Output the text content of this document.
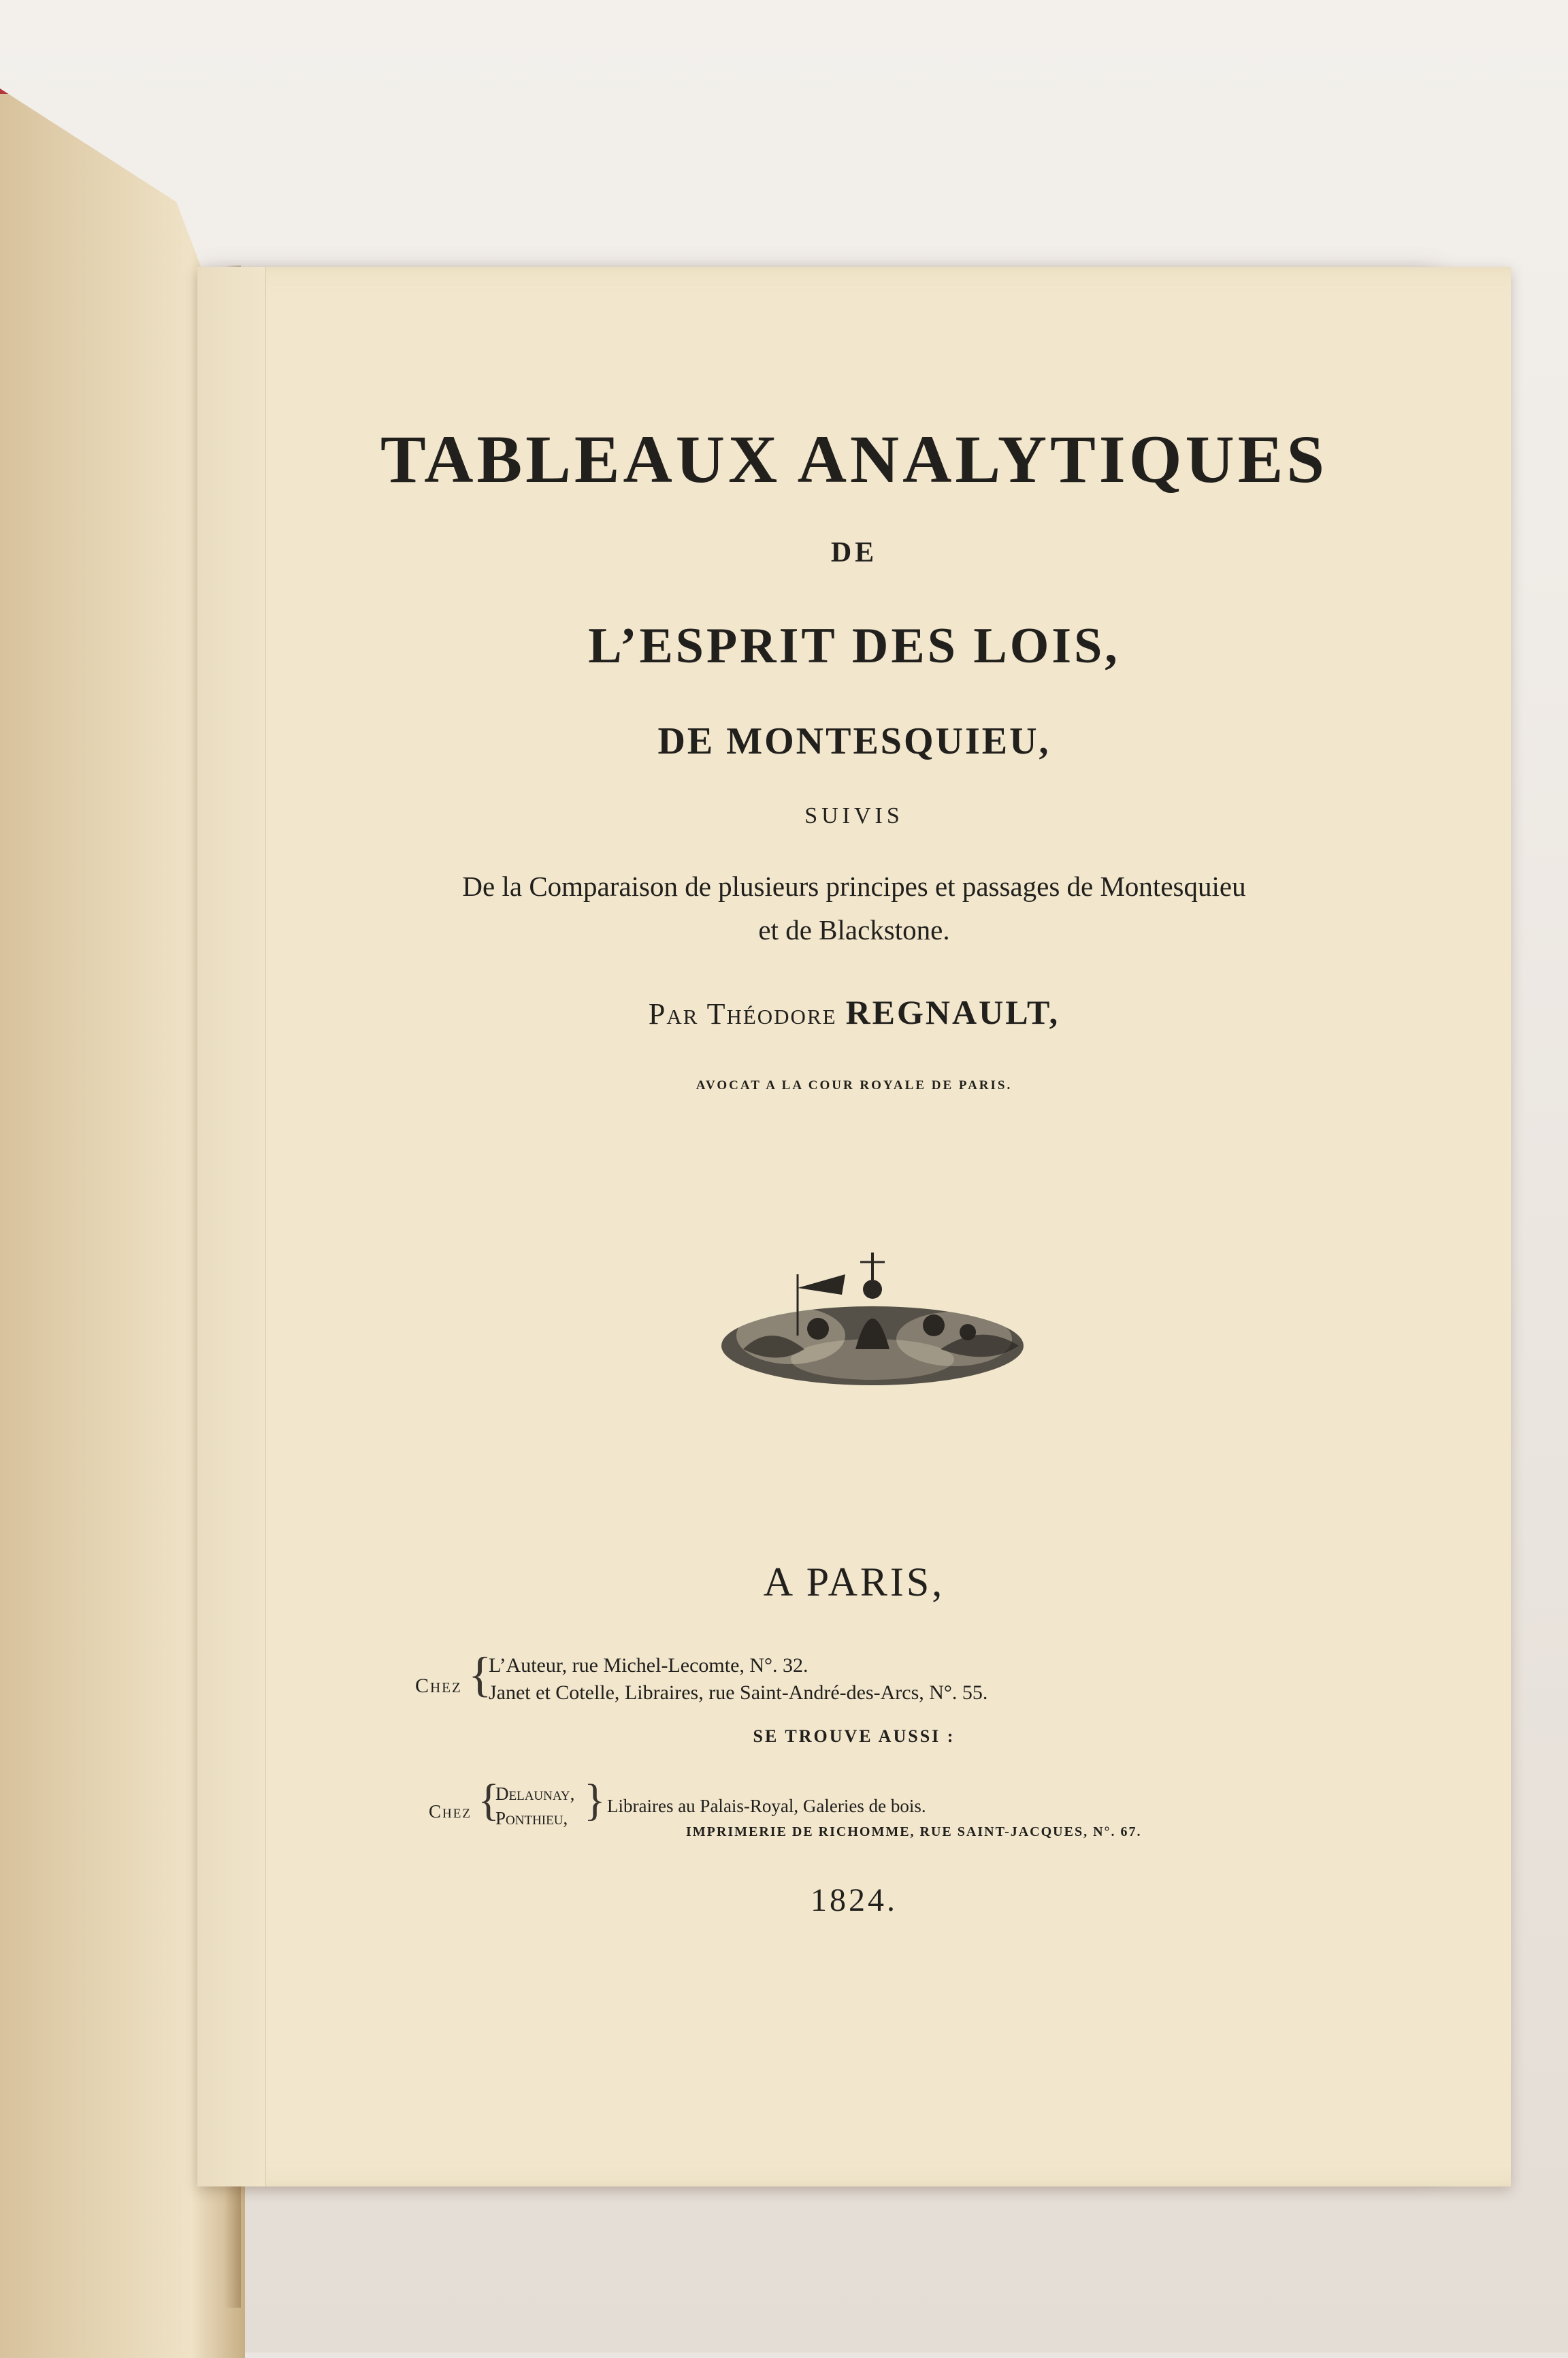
TABLEAUX ANALYTIQUES

DE

L’ESPRIT DES LOIS,

DE MONTESQUIEU,

SUIVIS

De la Comparaison de plusieurs principes et passages de Montesquieu

et de Blackstone.

Par Théodore REGNAULT,

AVOCAT A LA COUR ROYALE DE PARIS.

A PARIS,

Chez {
L’Auteur, rue Michel-Lecomte, N°. 32.
Janet et Cotelle, Libraires, rue Saint-André-des-Arcs, N°. 55.

SE TROUVE AUSSI :

Chez {
Delaunay,
Ponthieu, } Libraires au Palais-Royal, Galeries de bois.
IMPRIMERIE DE RICHOMME, RUE SAINT-JACQUES, N°. 67.

1824.
